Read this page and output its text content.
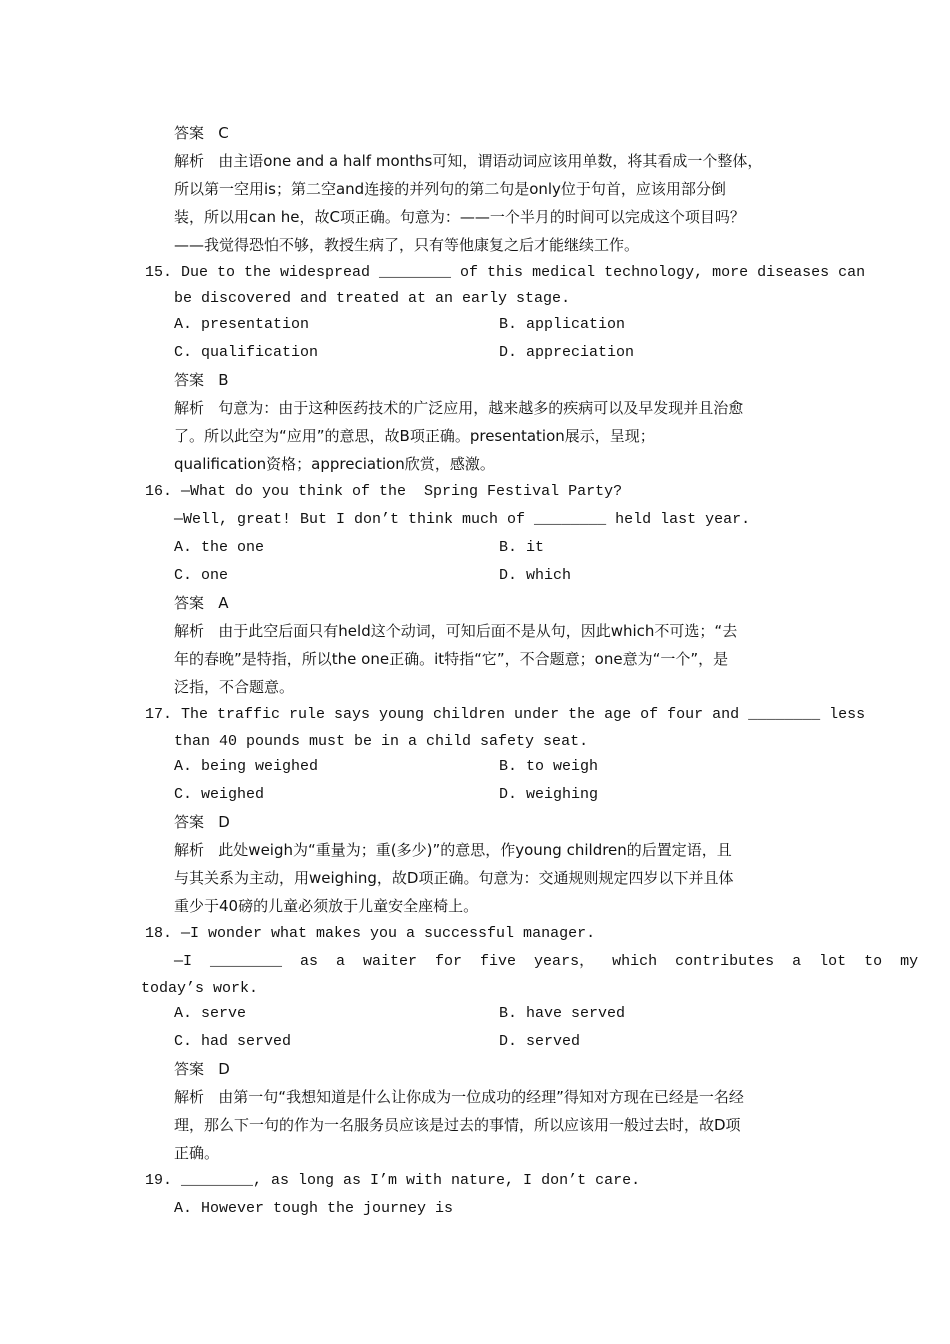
答案   C
解析   由主语one and a half months可知，谓语动词应该用单数，将其看成一个整体，
所以第一空用is；第二空and连接的并列句的第二句是only位于句首，应该用部分倒
装，所以用can he，故C项正确。句意为：——一个半月的时间可以完成这个项目吗？
——我觉得恐怕不够，教授生病了，只有等他康复之后才能继续工作。
15. Due to the widespread ________ of this medical technology, more diseases can
be discovered and treated at an early stage.
A. presentation	B. application
C. qualification	D. appreciation
答案   B
解析   句意为：由于这种医药技术的广泛应用，越来越多的疾病可以及早发现并且治愈
了。所以此空为“应用”的意思，故B项正确。presentation展示，呈现；
qualification资格；appreciation欣赏，感激。
16. —What do you think of the  Spring Festival Party?
—Well, great! But I don’t think much of ________ held last year.
A. the one	B. it
C. one	D. which
答案   A
解析   由于此空后面只有held这个动词，可知后面不是从句，因此which不可选；“去
年的春晚”是特指，所以the one正确。it特指“它”，不合题意；one意为“一个”，是
泛指，不合题意。
17. The traffic rule says young children under the age of four and ________ less
than 40 pounds must be in a child safety seat.
A. being weighed	B. to weigh
C. weighed	D. weighing
答案   D
解析   此处weigh为“重量为；重(多少)”的意思，作young children的后置定语，且
与其关系为主动，用weighing，故D项正确。句意为：交通规则规定四岁以下并且体
重少于40磅的儿童必须放于儿童安全座椅上。
18. —I wonder what makes you a successful manager.
—I  ________  as  a  waiter  for  five  years，  which  contributes  a  lot  to  my
today’s work.
A. serve	B. have served
C. had served	D. served
答案   D
解析   由第一句“我想知道是什么让你成为一位成功的经理”得知对方现在已经是一名经
理，那么下一句的作为一名服务员应该是过去的事情，所以应该用一般过去时，故D项
正确。
19. ________, as long as I’m with nature, I don’t care.
A. However tough the journey is
